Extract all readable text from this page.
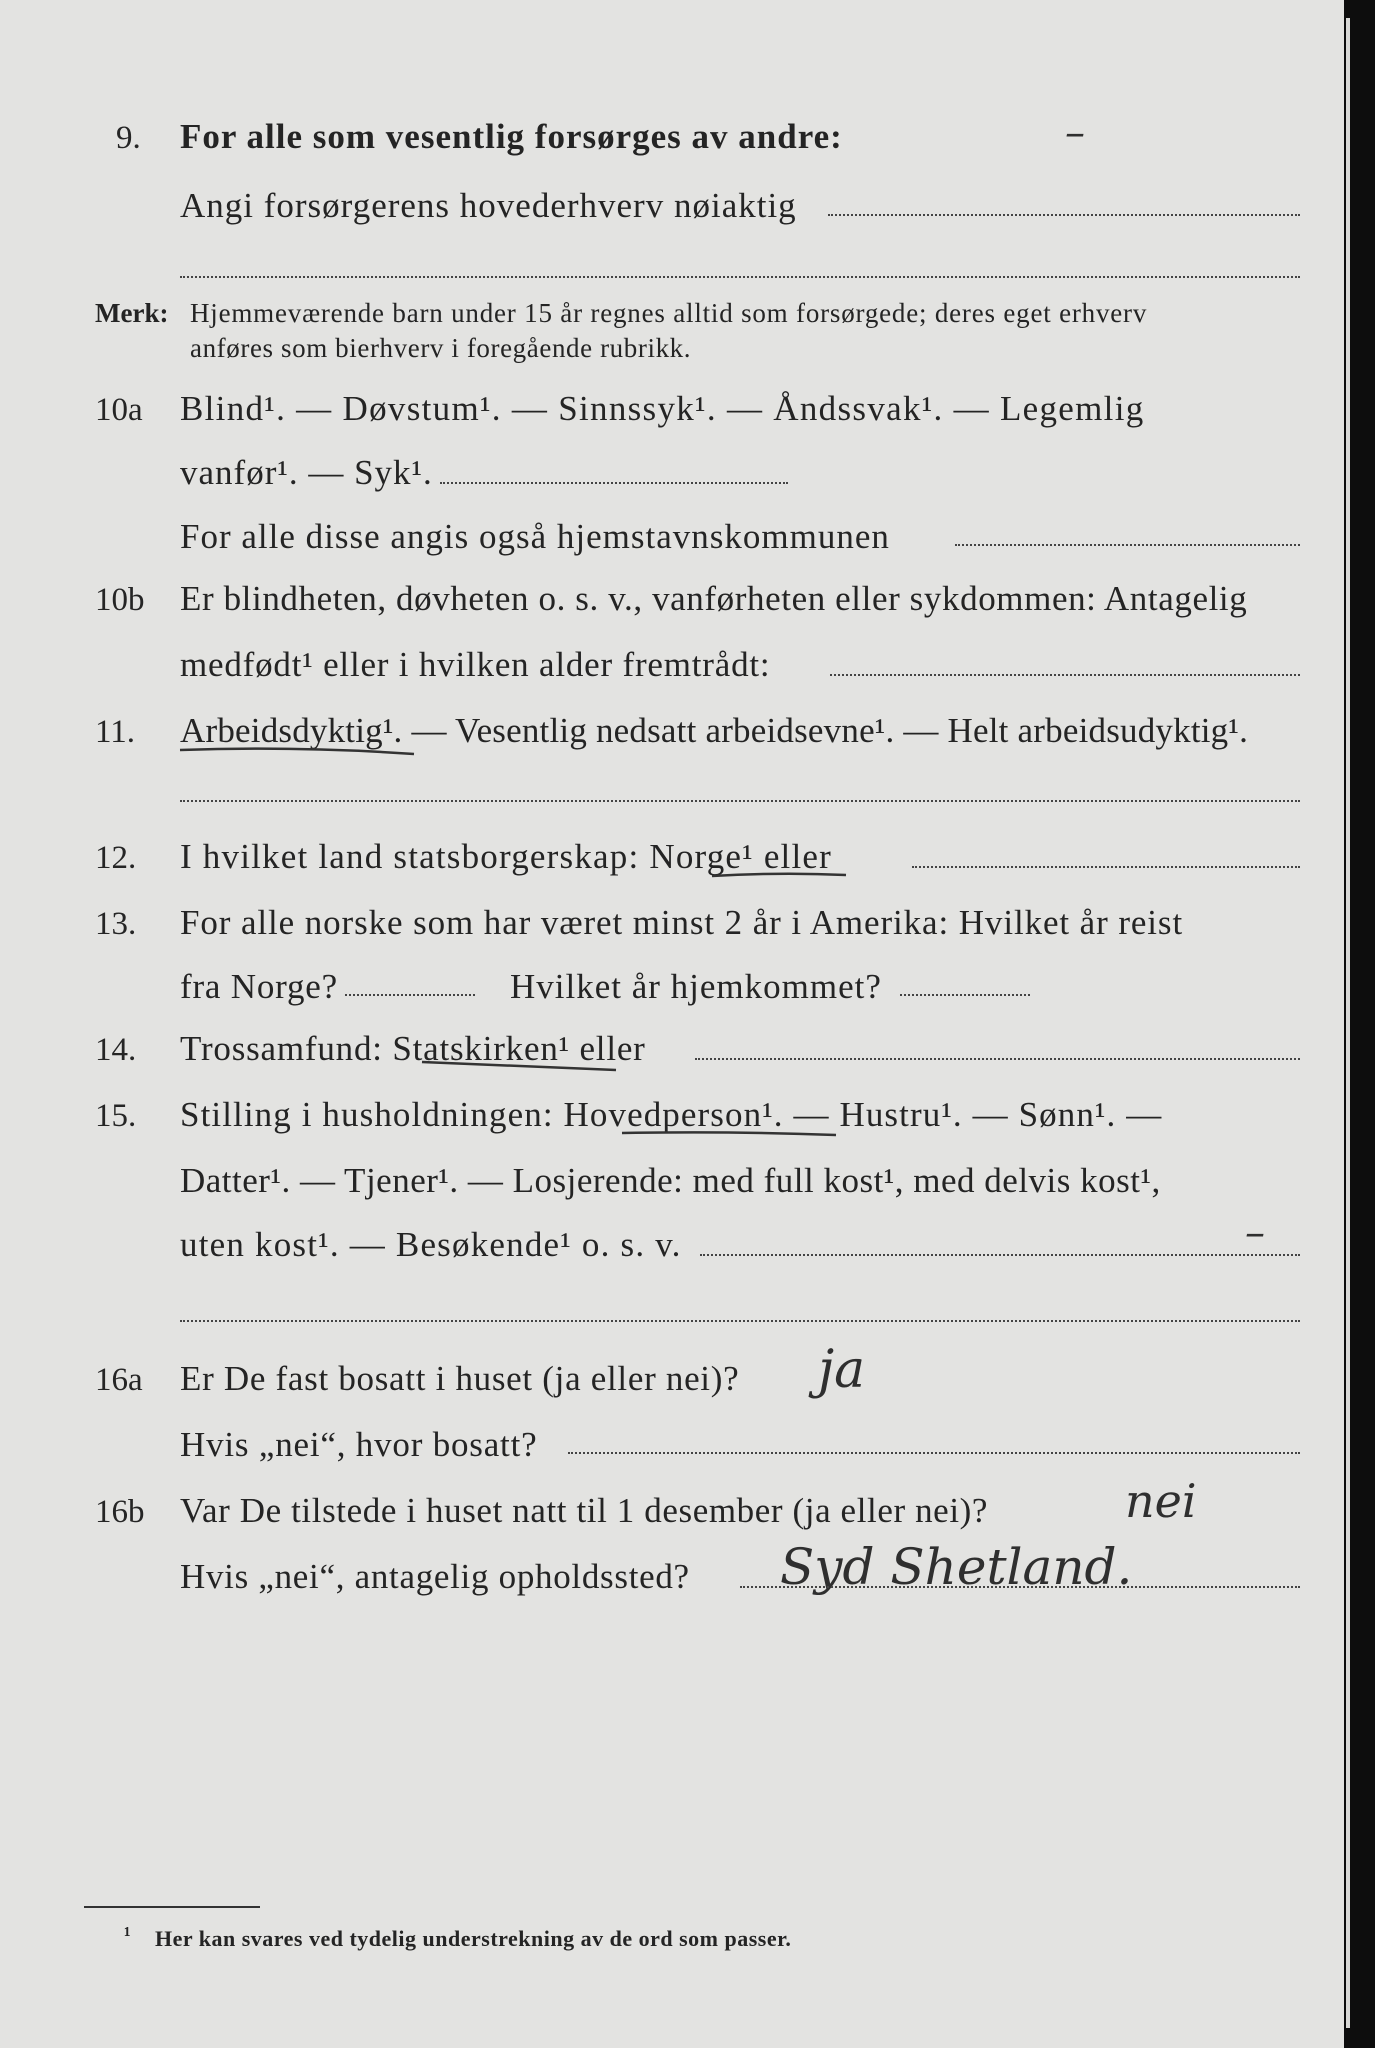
9. For alle som vesentlig forsørges av andre:	–
Angi forsørgerens hovederhverv nøiaktig
Merk: Hjemmeværende barn under 15 år regnes alltid som forsørgede; deres eget erhverv
anføres som bierhverv i foregående rubrikk.
10a Blind¹. — Døvstum¹. — Sinnssyk¹. — Åndssvak¹. — Legemlig
vanfør¹. — Syk¹.
For alle disse angis også hjemstavnskommunen
10b Er blindheten, døvheten o. s. v., vanførheten eller sykdommen: Antagelig
medfødt¹ eller i hvilken alder fremtrådt:
11. Arbeidsdyktig¹. — Vesentlig nedsatt arbeidsevne¹. — Helt arbeidsudyktig¹.
12. I hvilket land statsborgerskap: Norge¹ eller
13. For alle norske som har været minst 2 år i Amerika: Hvilket år reist
fra Norge?	Hvilket år hjemkommet?
14. Trossamfund: Statskirken¹ eller
15. Stilling i husholdningen: Hovedperson¹. — Hustru¹. — Sønn¹. —
Datter¹. — Tjener¹. — Losjerende: med full kost¹, med delvis kost¹,
uten kost¹. — Besøkende¹ o. s. v.	–
16a Er De fast bosatt i huset (ja eller nei)? ja
Hvis „nei“, hvor bosatt?
16b Var De tilstede i huset natt til 1 desember (ja eller nei)?	nei
Hvis „nei“, antagelig opholdssted? Syd Shetland.
¹ Her kan svares ved tydelig understrekning av de ord som passer.
